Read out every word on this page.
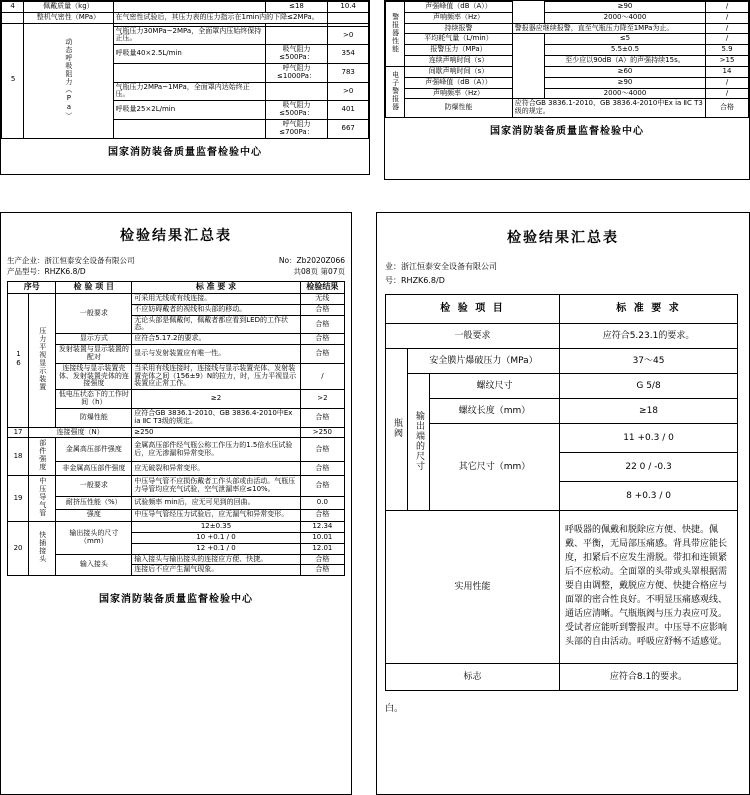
4	佩戴质量（kg）		≤18	10.4
	整机气密性（MPa）	在气密性试验后，其压力表的压力指示在1min内的下降≤2MPa。		
5	动态呼吸阻力（Pa）			
		气瓶压力30MPa~2MPa，全面罩内压始终保持正压。		>0
		呼吸量40×2.5L/min	吸气阻力≤500Pa：	354
			呼气阻力≤1000Pa：	783
		气瓶压力2MPa~1MPa，全面罩内达始终正压。		>0
		呼吸量25×2L/min	吸气阻力≤500Pa：	401
			呼气阻力≤700Pa：	667
国家消防装备质量监督检验中心				
警报器性能	声强峰值（dB（A））		≥90	/
	声响频率（Hz）		2000～4000	/
	持续报警	警报器应继续报警，直至气瓶压力降至1MPa为止。		/
	平均耗气量（L/min）		≤5	/
	报警压力（MPa）		5.5±0.5	5.9
	连续声响时间（s）		至少应以90dB（A）的声强持续15s。	>15
电子警报器	间歇声响时间（s）		≥60	14
	声强峰值（dB（A））		≥90	/
	声响频率（Hz）		2000～4000	/
	防爆性能	应符合GB 3836.1-2010、GB 3836.4-2010中Ex ia ⅡC T3级的规定。		合格
国家消防装备质量监督检验中心				
检验结果汇总表
生产企业：浙江恒泰安全设备有限公司	No：Zb2020Z066
产品型号：RHZK6.8/D	共08页 第07页
序号		检 验 项 目	标 准 要 求	检验结果
16	压力平视显示装置	一般要求	可采用无线或有线连接。	无线
			不应妨碍戴者的视线和头部的移动。	合格
			无论头部是佩戴何，佩戴者都应看到LED的工作状态。	合格
		显示方式	应符合5.17.2的要求。	合格
		发射装置与显示装置的配对	显示与发射装置应有唯一性。	合格
		连接线与显示装置壳体、发射装置壳体的连接强度	当采用有线连接时，连接线与显示装置壳体、发射装置壳体之间（156±9）N的拉力，时，压力平视显示装置应正常工作。	/
		低电压状态下的工作时间（h）	≥2	>2
		防爆性能	应符合GB 3836.1-2010、GB 3836.4-2010中Ex ia ⅡC T3级的规定。	合格
17	连接强度（N）		≥250	>250
18	部件强度	金属高压部件强度	金属高压部件经气瓶公称工作压力的1.5倍水压试验后，应无渗漏和异常变形。	合格
		非金属高压部件强度	应无破裂和异常变形。	合格
19	中压导气管	一般要求	中压导气管不应损伤戴者工作头部或由活动。气瓶压力导管均应充气试验，空气泄漏率应≤10%。	合格
		耐挤压性能（%）	试验频率 min后，应无可见到的回曲。	0.0
		强度	中压导气管经压力试验后，应无漏气和异常变形。	合格
20	快插接头	输出接头的尺寸（mm）	12±0.35	12.34
			10 +0.1 / 0	10.01
			12 +0.1 / 0	12.01
		输入接头	输入接头与输出接头的连接应方便、快捷。	合格
			连接后不应产生漏气现象。	合格
国家消防装备质量监督检验中心
检验结果汇总表
业：浙江恒泰安全设备有限公司
号：RHZK6.8/D
检 验 项 目			标 准 要 求
一般要求			应符合5.23.1的要求。
瓶阀	安全膜片爆破压力（MPa）		37～45
	输出端的尺寸	螺纹尺寸	G 5/8
		螺纹长度（mm）	≥18
		其它尺寸（mm）	11 +0.3 / 0
			22 0 / -0.3
			8 +0.3 / 0
实用性能			呼吸器的佩戴和脱除应方便、快捷。佩戴、平衡，无局部压痛感。背具带应能长度，扣紧后不应发生滑脱。带扣和连锁紧后不应松动。全面罩的头带或头罩根据需要自由调整，戴脱应方便、快捷合格应与面罩的密合性良好。不明显压痛感观线、通话应清晰。气瓶瓶阀与压力表应可及。受试者应能听到警报声。中压导不应影响头部的自由活动。呼吸应舒畅不适感觉。
标志			应符合8.1的要求。
白。
